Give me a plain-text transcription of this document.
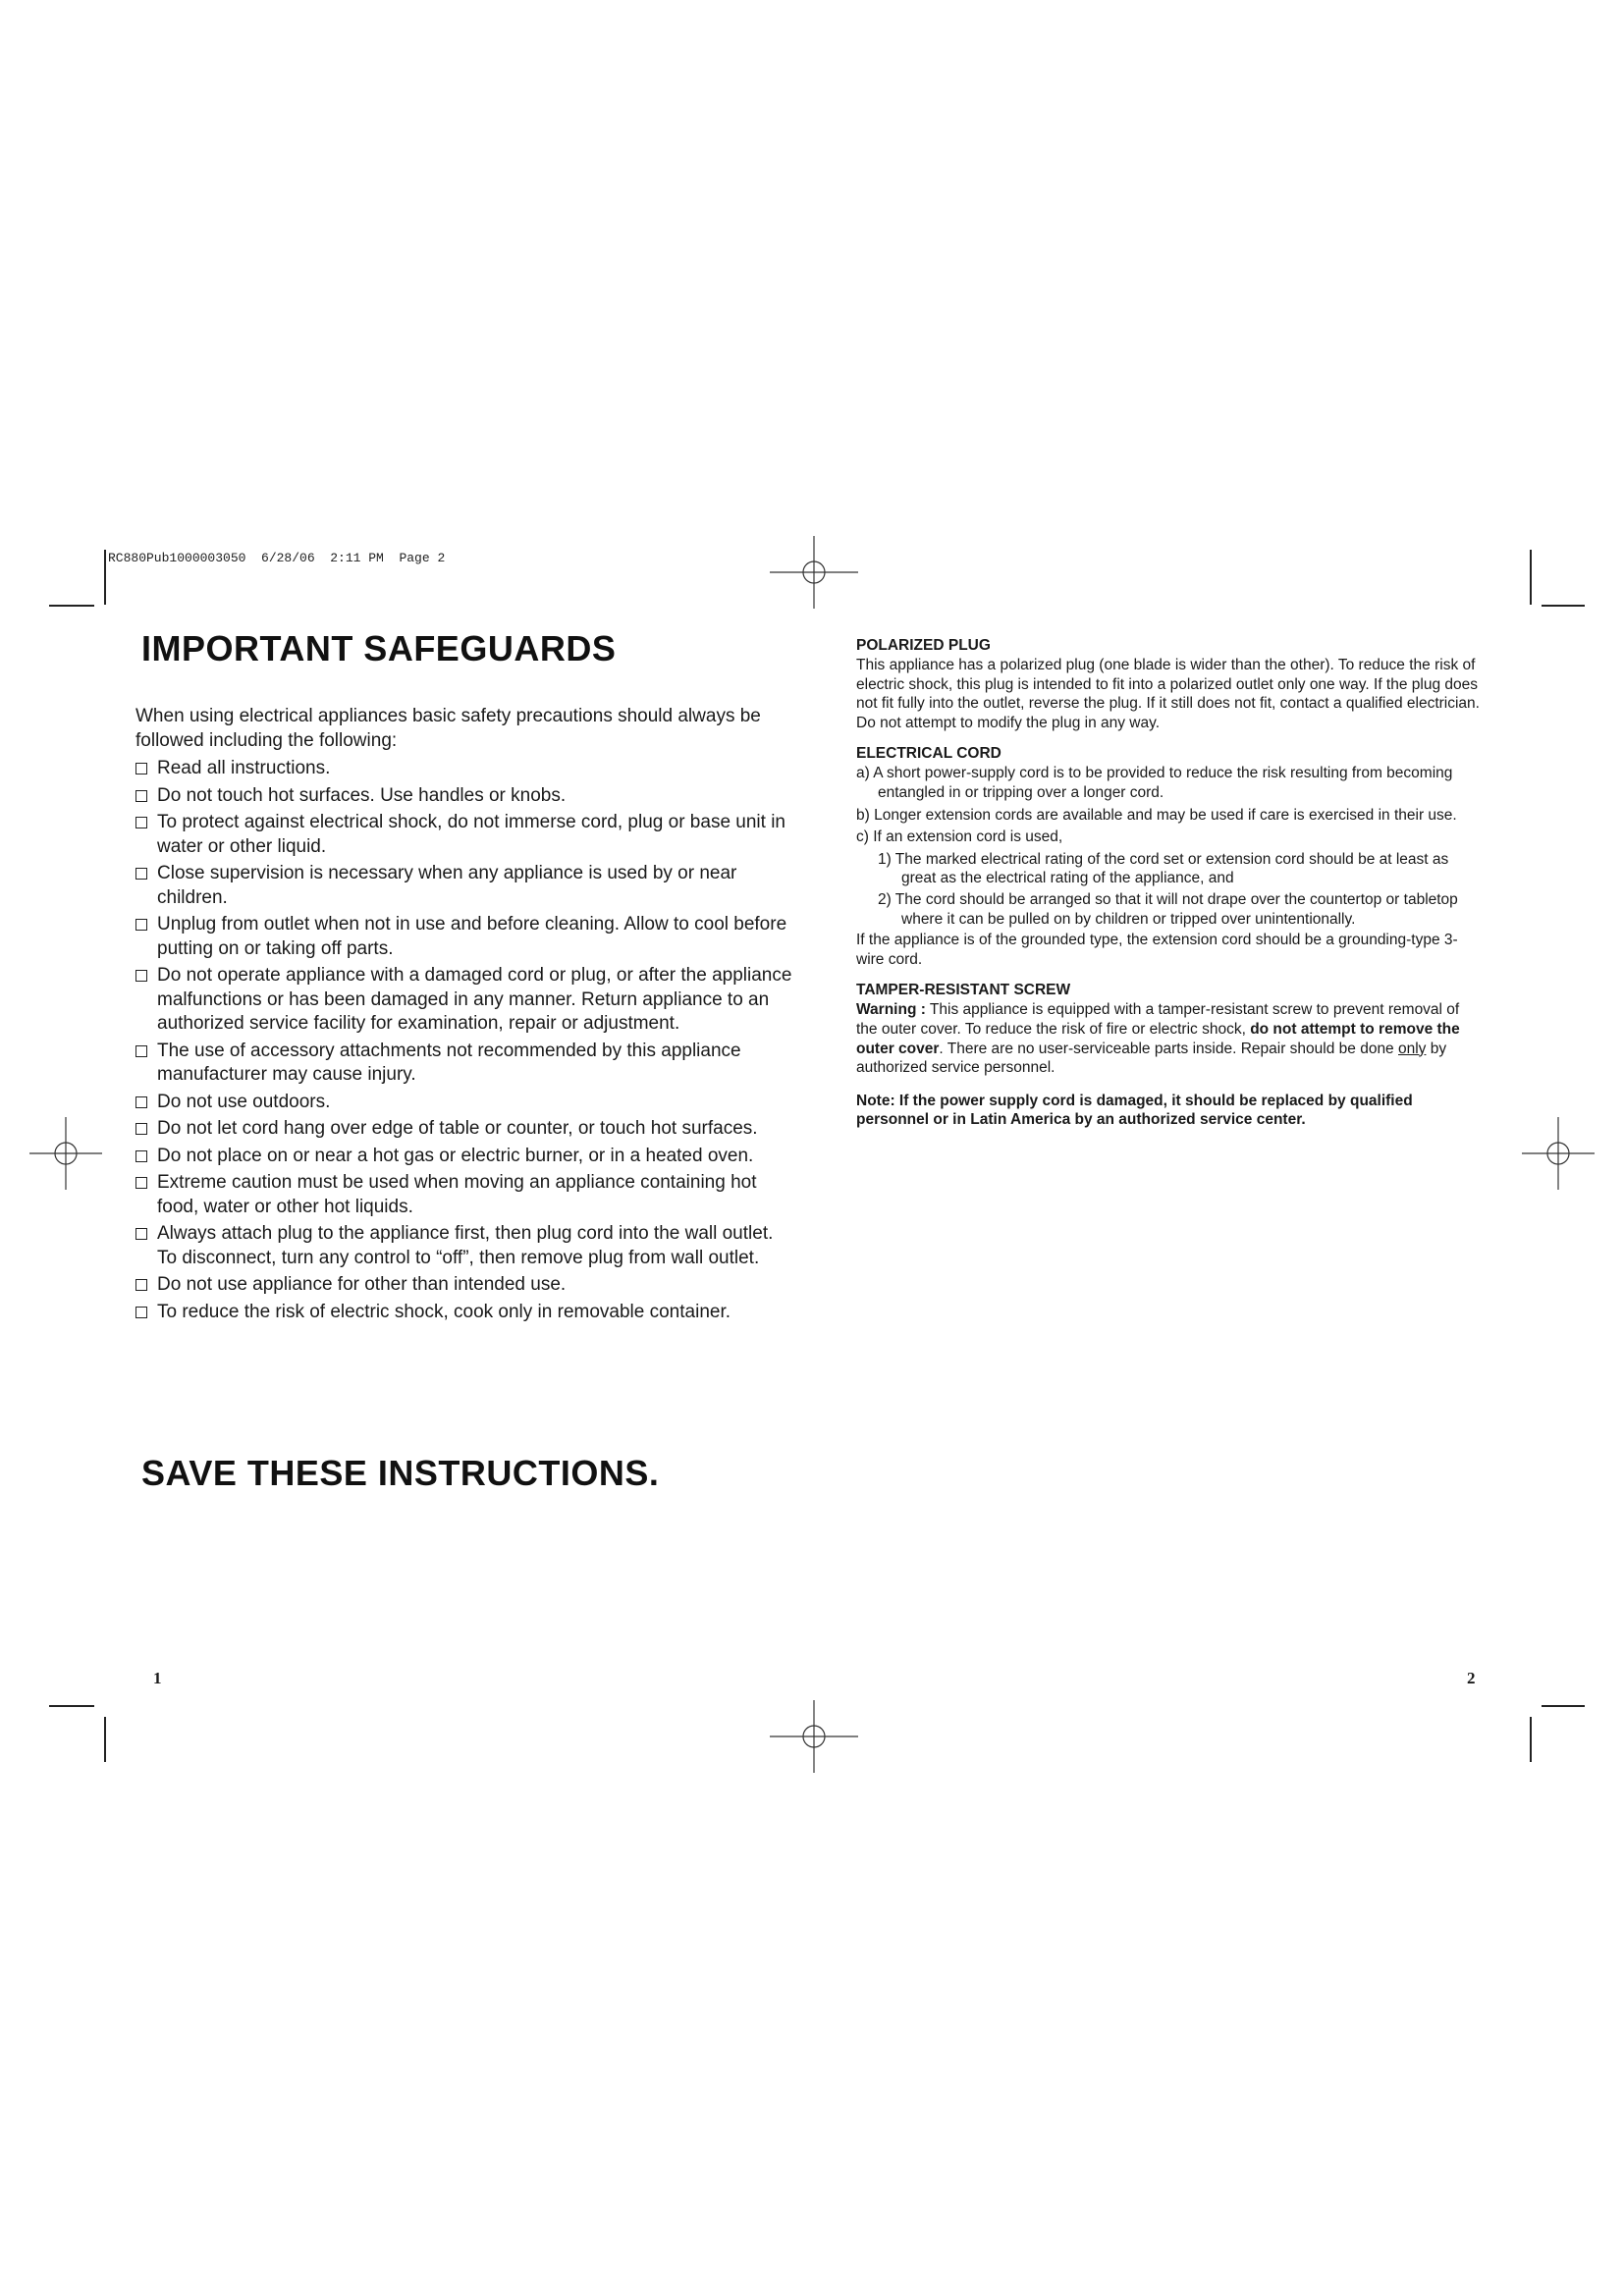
RC880Pub1000003050  6/28/06  2:11 PM  Page 2
IMPORTANT SAFEGUARDS

When using electrical appliances basic safety precautions should always be followed including the following:

Read all instructions.
Do not touch hot surfaces. Use handles or knobs.
To protect against electrical shock, do not immerse cord, plug or base unit in water or other liquid.
Close supervision is necessary when any appliance is used by or near children.
Unplug from outlet when not in use and before cleaning. Allow to cool before putting on or taking off parts.
Do not operate appliance with a damaged cord or plug, or after the appliance malfunctions or has been damaged in any manner. Return appliance to an authorized service facility for examination, repair or adjustment.
The use of accessory attachments not recommended by this appliance manufacturer may cause injury.
Do not use outdoors.
Do not let cord hang over edge of table or counter, or touch hot surfaces.
Do not place on or near a hot gas or electric burner, or in a heated oven.
Extreme caution must be used when moving an appliance containing hot food, water or other hot liquids.
Always attach plug to the appliance first, then plug cord into the wall outlet. To disconnect, turn any control to “off”, then remove plug from wall outlet.
Do not use appliance for other than intended use.
To reduce the risk of electric shock, cook only in removable container.
SAVE THESE INSTRUCTIONS.
1	2
POLARIZED PLUG

This appliance has a polarized plug (one blade is wider than the other). To reduce the risk of electric shock, this plug is intended to fit into a polarized outlet only one way. If the plug does not fit fully into the outlet, reverse the plug. If it still does not fit, contact a qualified electrician. Do not attempt to modify the plug in any way.

ELECTRICAL CORD
a) A short power-supply cord is to be provided to reduce the risk resulting from becoming entangled in or tripping over a longer cord.
b) Longer extension cords are available and may be used if care is exercised in their use.
c) If an extension cord is used,
1) The marked electrical rating of the cord set or extension cord should be at least as great as the electrical rating of the appliance, and
2) The cord should be arranged so that it will not drape over the countertop or tabletop where it can be pulled on by children or tripped over unintentionally.

If the appliance is of the grounded type, the extension cord should be a grounding-type 3-wire cord.

TAMPER-RESISTANT SCREW

Warning : This appliance is equipped with a tamper-resistant screw to prevent removal of the outer cover. To reduce the risk of fire or electric shock, do not attempt to remove the outer cover. There are no user-serviceable parts inside. Repair should be done only by authorized service personnel.

Note: If the power supply cord is damaged, it should be replaced by qualified personnel or in Latin America by an authorized service center.
